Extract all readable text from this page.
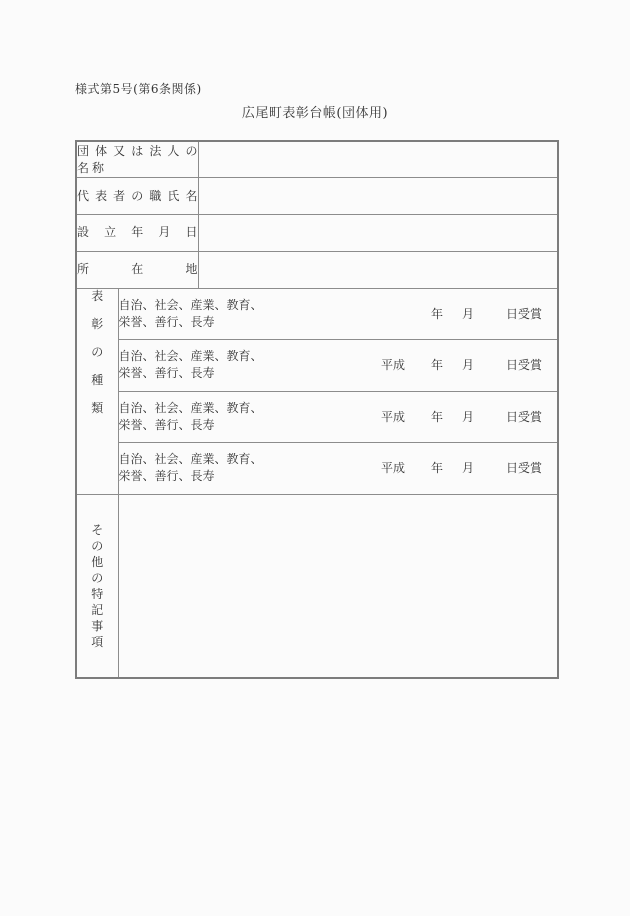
様式第5号(第6条関係)
広尾町表彰台帳(団体用)
団 体 又 は 法 人 の
名称

代 表 者 の 職 氏 名

設 立 年 月 日		

所 在 地		

表
彰
の
種
類

自治、社会、産業、教育、
栄誉、善行、長寿
年 月	日受賞

自治、社会、産業、教育、
栄誉、善行、長寿
平成 年 月	日受賞

自治、社会、産業、教育、
栄誉、善行、長寿
平成 年 月	日受賞

自治、社会、産業、教育、
栄誉、善行、長寿
平成 年 月	日受賞

そ
の
他
の
特
記
事
項
